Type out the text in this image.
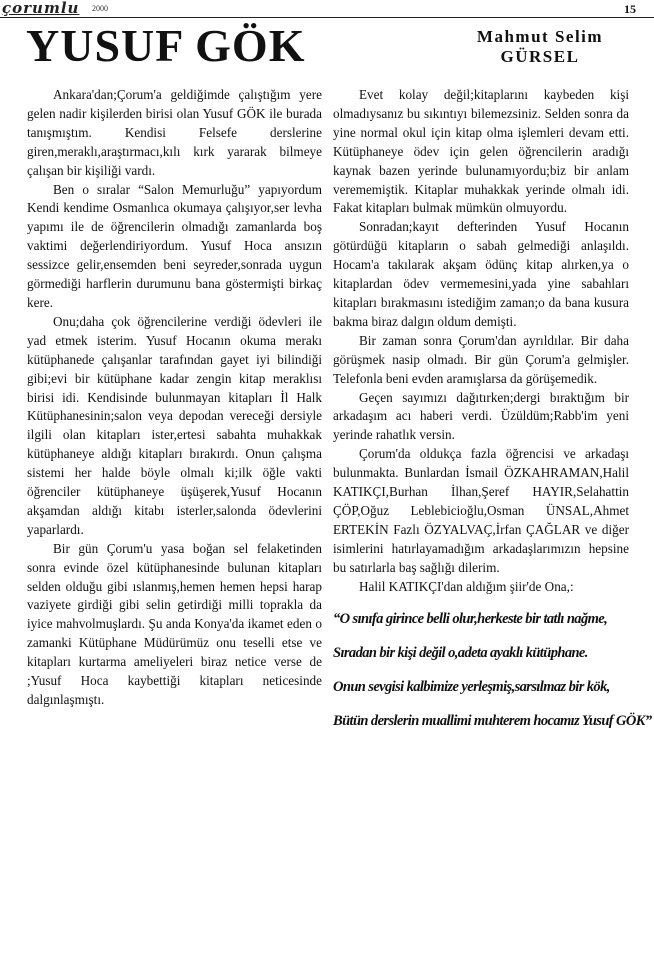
çorumlu 2000	15
YUSUF GÖK	Mahmut Selim
GÜRSEL

Ankara'dan;Çorum'a geldiğimde çalıştığım yere gelen nadir kişilerden birisi olan Yusuf GÖK ile burada tanışmıştım. Kendisi Felsefe derslerine giren,meraklı,araştırmacı,kılı kırk yararak bilmeye çalışan bir kişiliği vardı.

Ben o sıralar “Salon Memurluğu” yapıyordum Kendi kendime Osmanlıca okumaya çalışıyor,ser levha yapımı ile de öğrencilerin olmadığı zamanlarda boş vaktimi değerlendiriyordum. Yusuf Hoca ansızın sessizce gelir,ensemden beni seyreder,sonrada uygun görmediği harflerin durumunu bana göstermişti birkaç kere.

Onu;daha çok öğrencilerine verdiği ödevleri ile yad etmek isterim. Yusuf Hocanın okuma merakı kütüphanede çalışanlar tarafından gayet iyi bilindiği gibi;evi bir kütüphane kadar zengin kitap meraklısı birisi idi. Kendisinde bulunmayan kitapları İl Halk Kütüphanesinin;salon veya depodan vereceği dersiyle ilgili olan kitapları ister,ertesi sabahta muhakkak kütüphaneye aldığı kitapları bırakırdı. Onun çalışma sistemi her halde böyle olmalı ki;ilk öğle vakti öğrenciler kütüphaneye üşüşerek,Yusuf Hocanın akşamdan aldığı kitabı isterler,salonda ödevlerini yaparlardı.

Bir gün Çorum'u yasa boğan sel felaketinden sonra evinde özel kütüphanesinde bulunan kitapları selden olduğu gibi ıslanmış,hemen hemen hepsi harap vaziyete girdiği gibi selin getirdiği milli toprakla da iyice mahvolmuşlardı. Şu anda Konya'da ikamet eden o zamanki Kütüphane Müdürümüz onu teselli etse ve kitapları kurtarma ameliyeleri biraz netice verse de ;Yusuf Hoca kaybettiği kitapları neticesinde dalgınlaşmıştı.

Evet kolay değil;kitaplarını kaybeden kişi olmadıysanız bu sıkıntıyı bilemezsiniz. Selden sonra da yine normal okul için kitap olma işlemleri devam etti. Kütüphaneye ödev için gelen öğrencilerin aradığı kaynak bazen yerinde bulunamıyordu;biz bir anlam verememiştik. Kitaplar muhakkak yerinde olmalı idi. Fakat kitapları bulmak mümkün olmuyordu.

Sonradan;kayıt defterinden Yusuf Hocanın götürdüğü kitapların o sabah gelmediği anlaşıldı. Hocam'a takılarak akşam ödünç kitap alırken,ya o kitaplardan ödev vermemesini,yada yine sabahları kitapları bırakmasını istediğim zaman;o da bana kusura bakma biraz dalgın oldum demişti.

Bir zaman sonra Çorum'dan ayrıldılar. Bir daha görüşmek nasip olmadı. Bir gün Çorum'a gelmişler. Telefonla beni evden aramışlarsa da görüşemedik.

Geçen sayımızı dağıtırken;dergi bıraktığım bir arkadaşım acı haberi verdi. Üzüldüm;Rabb'im yeni yerinde rahatlık versin.

Çorum'da oldukça fazla öğrencisi ve arkadaşı bulunmakta. Bunlardan İsmail ÖZKAHRAMAN,Halil KATIKÇI,Burhan İlhan,Şeref HAYIR,Selahattin ÇÖP,Oğuz Leblebicioğlu,Osman ÜNSAL,Ahmet ERTEKİN Fazlı ÖZYALVAÇ,İrfan ÇAĞLAR ve diğer isimlerini hatırlayamadığım arkadaşlarımızın hepsine bu satırlarla baş sağlığı dilerim.

Halil KATIKÇI'dan aldığım şiir'de Ona,:

“O sınıfa girince belli olur,herkeste bir tatlı nağme,
Sıradan bir kişi değil o,adeta ayaklı kütüphane.
Onun sevgisi kalbimize yerleşmiş,sarsılmaz bir kök,
Bütün derslerin muallimi muhterem hocamız Yusuf GÖK”
